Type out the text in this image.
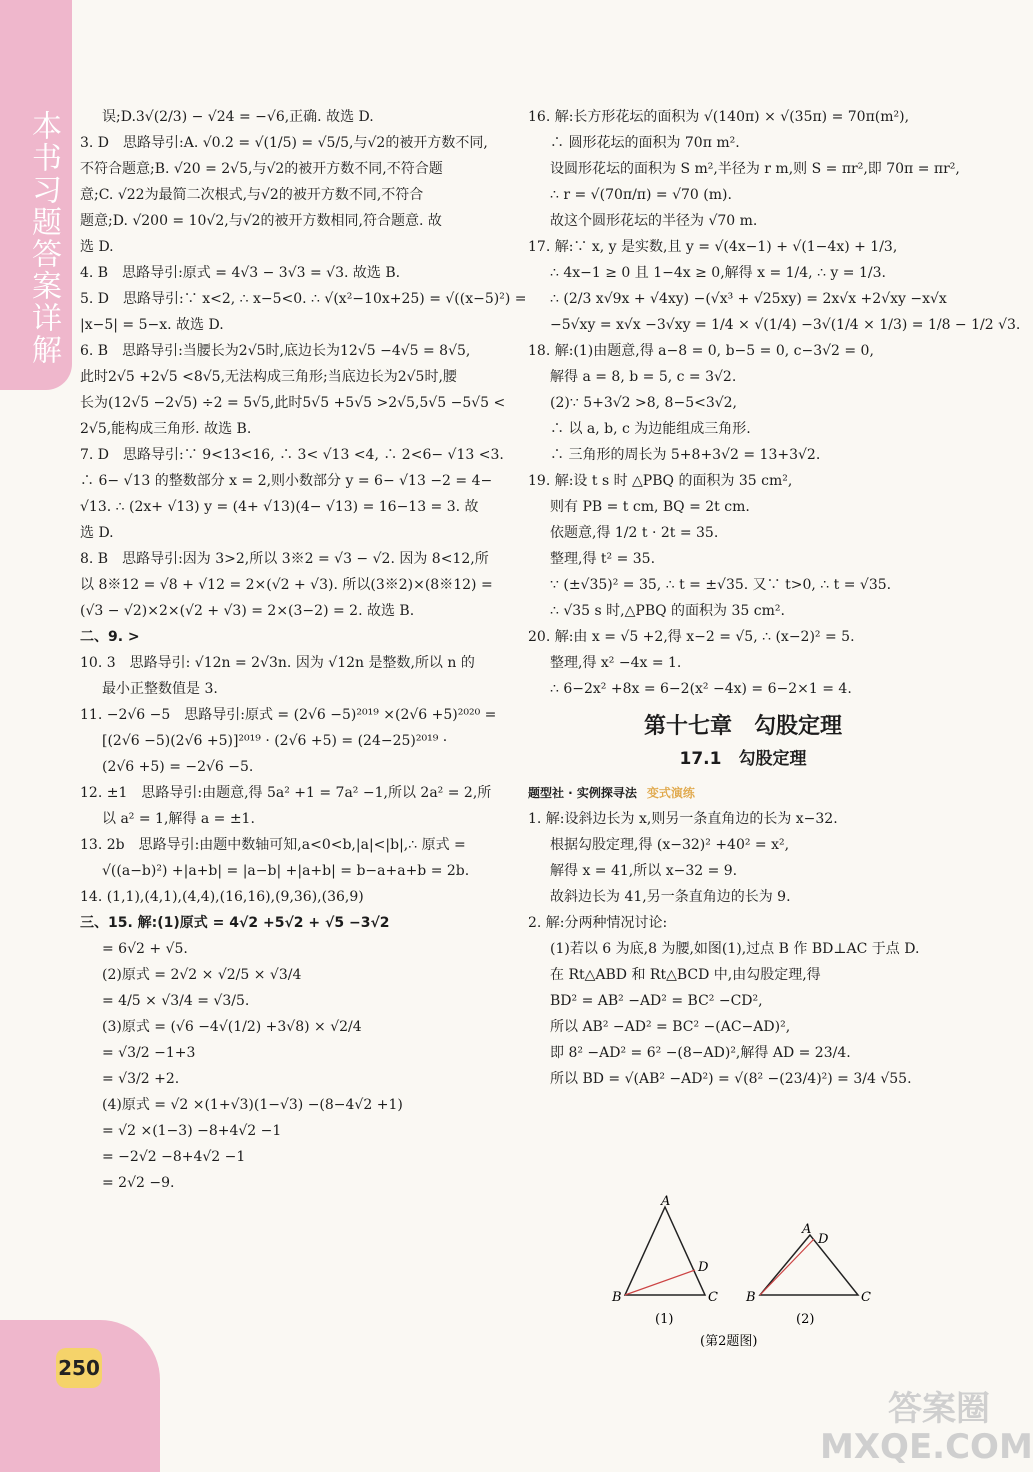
本书习题答案详解
250
误;D.3√(2/3) − √24 = −√6,正确. 故选 D.
3. D　思路导引:A. √0.2 = √(1/5) = √5/5,与√2的被开方数不同,
不符合题意;B. √20 = 2√5,与√2的被开方数不同,不符合题
意;C. √22为最简二次根式,与√2的被开方数不同,不符合
题意;D. √200 = 10√2,与√2的被开方数相同,符合题意. 故
选 D.
4. B　思路导引:原式 = 4√3 − 3√3 = √3. 故选 B.
5. D　思路导引:∵ x<2, ∴ x−5<0. ∴ √(x²−10x+25) = √((x−5)²) =
|x−5| = 5−x. 故选 D.
6. B　思路导引:当腰长为2√5时,底边长为12√5 −4√5 = 8√5,
此时2√5 +2√5 <8√5,无法构成三角形;当底边长为2√5时,腰
长为(12√5 −2√5) ÷2 = 5√5,此时5√5 +5√5 >2√5,5√5 −5√5 <
2√5,能构成三角形. 故选 B.
7. D　思路导引:∵ 9<13<16, ∴ 3< √13 <4, ∴ 2<6− √13 <3.
∴ 6− √13 的整数部分 x = 2,则小数部分 y = 6− √13 −2 = 4−
√13. ∴ (2x+ √13) y = (4+ √13)(4− √13) = 16−13 = 3. 故
选 D.
8. B　思路导引:因为 3>2,所以 3※2 = √3 − √2. 因为 8<12,所
以 8※12 = √8 + √12 = 2×(√2 + √3). 所以(3※2)×(8※12) =
(√3 − √2)×2×(√2 + √3) = 2×(3−2) = 2. 故选 B.
二、9. >
10. 3　思路导引: √12n = 2√3n. 因为 √12n 是整数,所以 n 的
最小正整数值是 3.
11. −2√6 −5　思路导引:原式 = (2√6 −5)²⁰¹⁹ ×(2√6 +5)²⁰²⁰ =
[(2√6 −5)(2√6 +5)]²⁰¹⁹ · (2√6 +5) = (24−25)²⁰¹⁹ ·
(2√6 +5) = −2√6 −5.
12. ±1　思路导引:由题意,得 5a² +1 = 7a² −1,所以 2a² = 2,所
以 a² = 1,解得 a = ±1.
13. 2b　思路导引:由题中数轴可知,a<0<b,|a|<|b|,∴ 原式 =
√((a−b)²) +|a+b| = |a−b| +|a+b| = b−a+a+b = 2b.
14. (1,1),(4,1),(4,4),(16,16),(9,36),(36,9)
三、15. 解:(1)原式 = 4√2 +5√2 + √5 −3√2
= 6√2 + √5.
(2)原式 = 2√2 × √2/5 × √3/4
= 4/5 × √3/4 = √3/5.
(3)原式 = (√6 −4√(1/2) +3√8) × √2/4
= √3/2 −1+3
= √3/2 +2.
(4)原式 = √2 ×(1+√3)(1−√3) −(8−4√2 +1)
= √2 ×(1−3) −8+4√2 −1
= −2√2 −8+4√2 −1
= 2√2 −9.
16. 解:长方形花坛的面积为 √(140π) × √(35π) = 70π(m²),
∴ 圆形花坛的面积为 70π m².
设圆形花坛的面积为 S m²,半径为 r m,则 S = πr²,即 70π = πr²,
∴ r = √(70π/π) = √70 (m).
故这个圆形花坛的半径为 √70 m.
17. 解:∵ x, y 是实数,且 y = √(4x−1) + √(1−4x) + 1/3,
∴ 4x−1 ≥ 0 且 1−4x ≥ 0,解得 x = 1/4, ∴ y = 1/3.
∴ (2/3 x√9x + √4xy) −(√x³ + √25xy) = 2x√x +2√xy −x√x
−5√xy = x√x −3√xy = 1/4 × √(1/4) −3√(1/4 × 1/3) = 1/8 − 1/2 √3.
18. 解:(1)由题意,得 a−8 = 0, b−5 = 0, c−3√2 = 0,
解得 a = 8, b = 5, c = 3√2.
(2)∵ 5+3√2 >8, 8−5<3√2,
∴ 以 a, b, c 为边能组成三角形.
∴ 三角形的周长为 5+8+3√2 = 13+3√2.
19. 解:设 t s 时 △PBQ 的面积为 35 cm²,
则有 PB = t cm, BQ = 2t cm.
依题意,得 1/2 t · 2t = 35.
整理,得 t² = 35.
∵ (±√35)² = 35, ∴ t = ±√35. 又∵ t>0, ∴ t = √35.
∴ √35 s 时,△PBQ 的面积为 35 cm².
20. 解:由 x = √5 +2,得 x−2 = √5, ∴ (x−2)² = 5.
整理,得 x² −4x = 1.
∴ 6−2x² +8x = 6−2(x² −4x) = 6−2×1 = 4.
第十七章　勾股定理
17.1　勾股定理
题型社 · 实例探寻法 变式演练
1. 解:设斜边长为 x,则另一条直角边的长为 x−32.
根据勾股定理,得 (x−32)² +40² = x²,
解得 x = 41,所以 x−32 = 9.
故斜边长为 41,另一条直角边的长为 9.
2. 解:分两种情况讨论:
(1)若以 6 为底,8 为腰,如图(1),过点 B 作 BD⊥AC 于点 D.
在 Rt△ABD 和 Rt△BCD 中,由勾股定理,得
BD² = AB² −AD² = BC² −CD²,
所以 AB² −AD² = BC² −(AC−AD)²,
即 8² −AD² = 6² −(8−AD)²,解得 AD = 23/4.
所以 BD = √(AB² −AD²) = √(8² −(23/4)²) = 3/4 √55.
A
B	C
D
A
D
B	C
(1)	(2)
(第2题图)
答案圈 MXQE.COM
